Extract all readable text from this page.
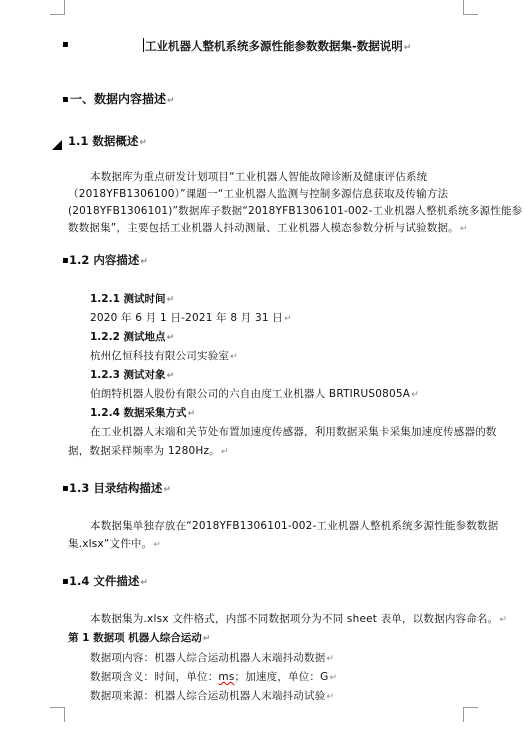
▪	工业机器人整机系统多源性能参数数据集-数据说明↵
▪ 一、数据内容描述↵
1.1 数据概述↵
本数据库为重点研发计划项目“工业机器人智能故障诊断及健康评估系统
（2018YFB1306100）”课题一“工业机器人监测与控制多源信息获取及传输方法
(2018YFB1306101)”数据库子数据“2018YFB1306101-002-工业机器人整机系统多源性能参
数数据集”，主要包括工业机器人抖动测量、工业机器人模态参数分析与试验数据。↵
▪ 1.2 内容描述↵
1.2.1 测试时间↵
2020 年 6 月 1 日-2021 年 8 月 31 日↵
1.2.2 测试地点↵
杭州亿恒科技有限公司实验室↵
1.2.3 测试对象↵
伯朗特机器人股份有限公司的六自由度工业机器人 BRTIRUS0805A↵
1.2.4 数据采集方式↵
在工业机器人末端和关节处布置加速度传感器，利用数据采集卡采集加速度传感器的数
据，数据采样频率为 1280Hz。↵
▪ 1.3 目录结构描述↵
本数据集单独存放在“2018YFB1306101-002-工业机器人整机系统多源性能参数数据
集.xlsx”文件中。↵
▪ 1.4 文件描述↵
本数据集为.xlsx 文件格式，内部不同数据项分为不同 sheet 表单，以数据内容命名。↵
第 1 数据项 机器人综合运动↵
数据项内容：机器人综合运动机器人末端抖动数据↵
数据项含义：时间，单位：ms；加速度，单位：G↵
数据项来源：机器人综合运动机器人末端抖动试验↵
